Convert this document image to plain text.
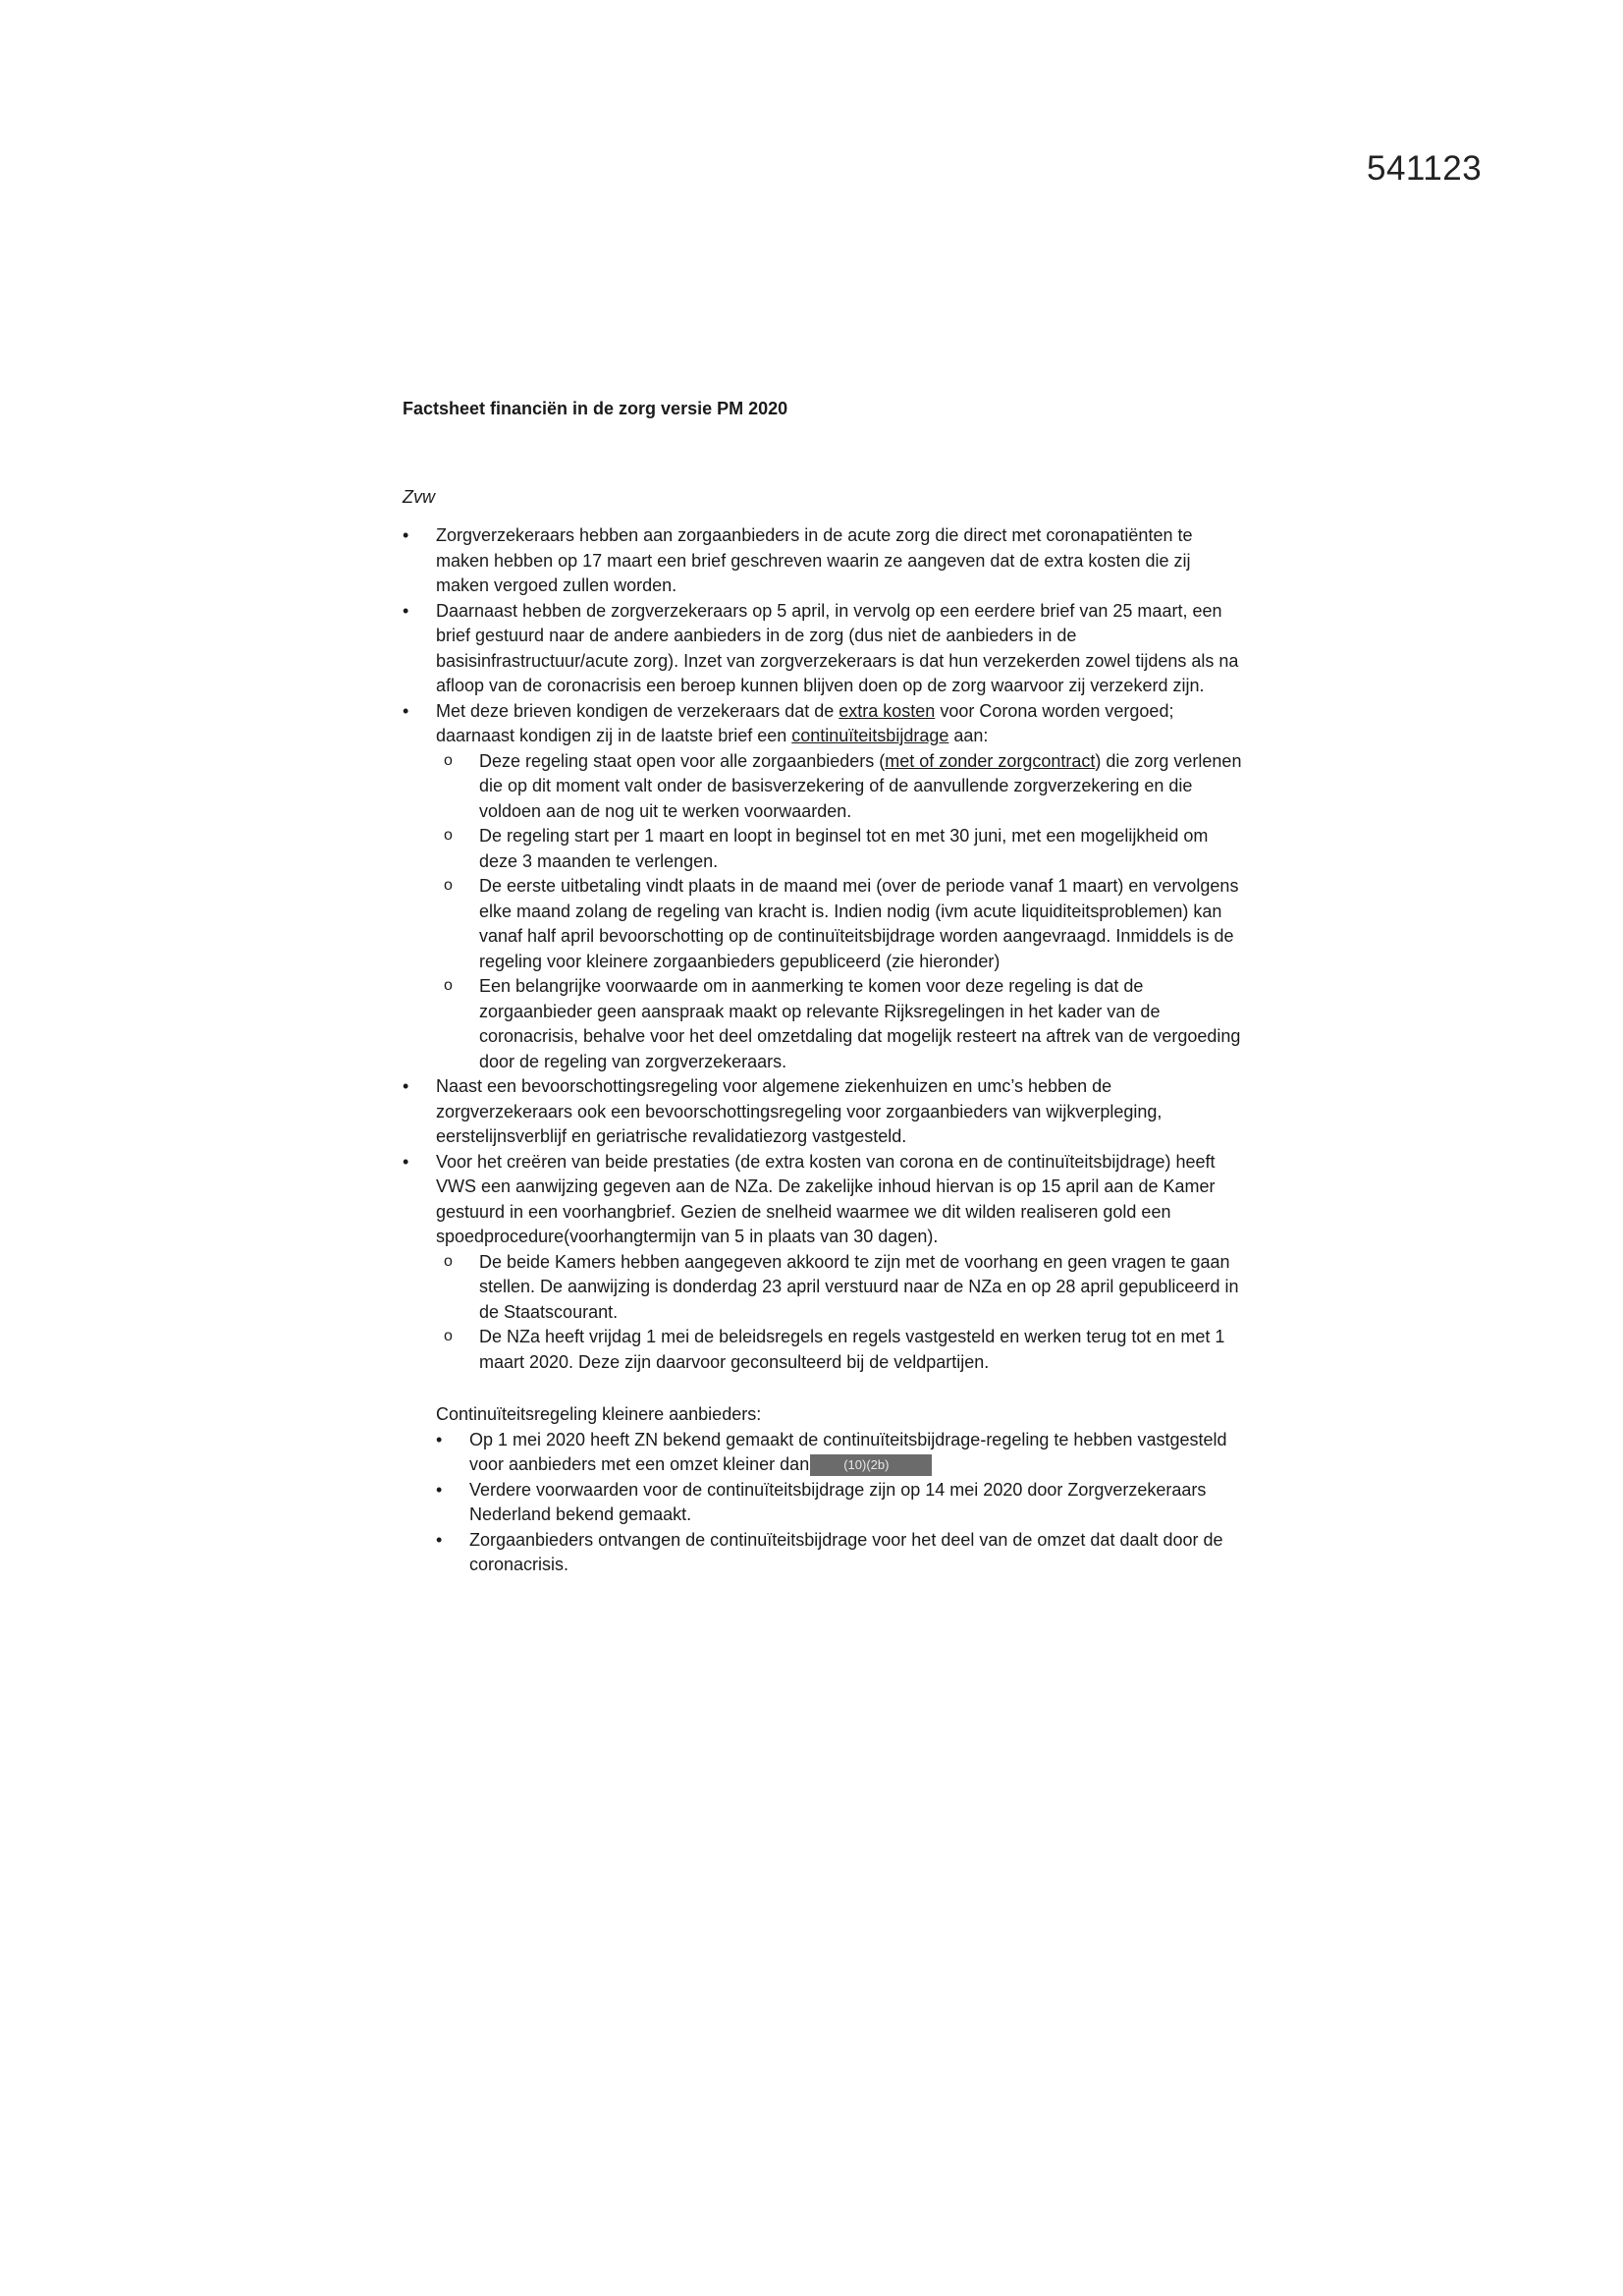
541123

Factsheet financiën in de zorg versie PM 2020

Zvw

• Zorgverzekeraars hebben aan zorgaanbieders in de acute zorg die direct met coronapatiënten te maken hebben op 17 maart een brief geschreven waarin ze aangeven dat de extra kosten die zij maken vergoed zullen worden.
• Daarnaast hebben de zorgverzekeraars op 5 april, in vervolg op een eerdere brief van 25 maart, een brief gestuurd naar de andere aanbieders in de zorg (dus niet de aanbieders in de basisinfrastructuur/acute zorg). Inzet van zorgverzekeraars is dat hun verzekerden zowel tijdens als na afloop van de coronacrisis een beroep kunnen blijven doen op de zorg waarvoor zij verzekerd zijn.
• Met deze brieven kondigen de verzekeraars dat de extra kosten voor Corona worden vergoed; daarnaast kondigen zij in de laatste brief een continuïteitsbijdrage aan:
o Deze regeling staat open voor alle zorgaanbieders (met of zonder zorgcontract) die zorg verlenen die op dit moment valt onder de basisverzekering of de aanvullende zorgverzekering en die voldoen aan de nog uit te werken voorwaarden.
o De regeling start per 1 maart en loopt in beginsel tot en met 30 juni, met een mogelijkheid om deze 3 maanden te verlengen.
o De eerste uitbetaling vindt plaats in de maand mei (over de periode vanaf 1 maart) en vervolgens elke maand zolang de regeling van kracht is. Indien nodig (ivm acute liquiditeitsproblemen) kan vanaf half april bevoorschotting op de continuïteitsbijdrage worden aangevraagd. Inmiddels is de regeling voor kleinere zorgaanbieders gepubliceerd (zie hieronder)
o Een belangrijke voorwaarde om in aanmerking te komen voor deze regeling is dat de zorgaanbieder geen aanspraak maakt op relevante Rijksregelingen in het kader van de coronacrisis, behalve voor het deel omzetdaling dat mogelijk resteert na aftrek van de vergoeding door de regeling van zorgverzekeraars.
• Naast een bevoorschottingsregeling voor algemene ziekenhuizen en umc’s hebben de zorgverzekeraars ook een bevoorschottingsregeling voor zorgaanbieders van wijkverpleging, eerstelijnsverblijf en geriatrische revalidatiezorg vastgesteld.
• Voor het creëren van beide prestaties (de extra kosten van corona en de continuïteitsbijdrage) heeft VWS een aanwijzing gegeven aan de NZa. De zakelijke inhoud hiervan is op 15 april aan de Kamer gestuurd in een voorhangbrief. Gezien de snelheid waarmee we dit wilden realiseren gold een spoedprocedure(voorhangtermijn van 5 in plaats van 30 dagen).
o De beide Kamers hebben aangegeven akkoord te zijn met de voorhang en geen vragen te gaan stellen. De aanwijzing is donderdag 23 april verstuurd naar de NZa en op 28 april gepubliceerd in de Staatscourant.
o De NZa heeft vrijdag 1 mei de beleidsregels en regels vastgesteld en werken terug tot en met 1 maart 2020. Deze zijn daarvoor geconsulteerd bij de veldpartijen.
Continuïteitsregeling kleinere aanbieders:
• Op 1 mei 2020 heeft ZN bekend gemaakt de continuïteitsbijdrage-regeling te hebben vastgesteld voor aanbieders met een omzet kleiner dan	(10)(2b)
• Verdere voorwaarden voor de continuïteitsbijdrage zijn op 14 mei 2020 door Zorgverzekeraars Nederland bekend gemaakt.
• Zorgaanbieders ontvangen de continuïteitsbijdrage voor het deel van de omzet dat daalt door de coronacrisis.
